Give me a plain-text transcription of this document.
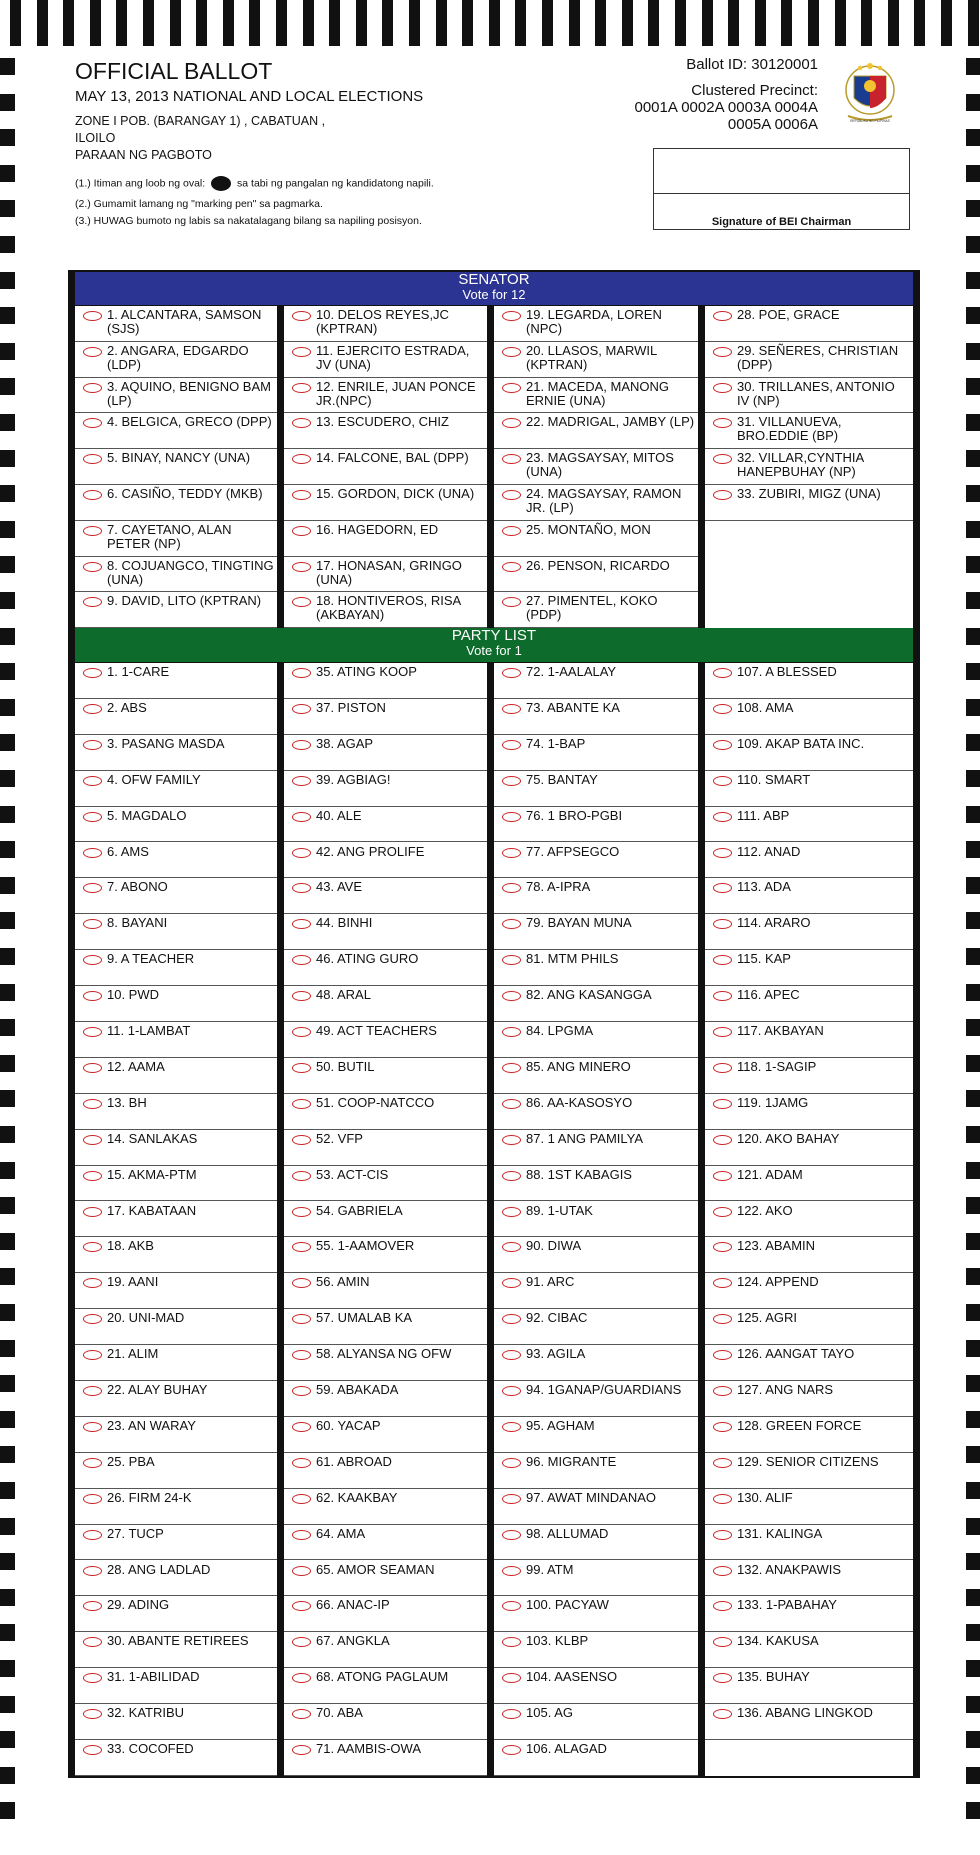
OFFICIAL BALLOT
MAY 13, 2013 NATIONAL AND LOCAL ELECTIONS
ZONE I POB. (BARANGAY 1) , CABATUAN ,
ILOILO
PARAAN NG PAGBOTO
(1.) Itiman ang loob ng oval:	sa tabi ng pangalan ng kandidatong napili.
(2.) Gumamit lamang ng "marking pen" sa pagmarka.
(3.) HUWAG bumoto ng labis sa nakatalagang bilang sa napiling posisyon.
Ballot ID: 30120001
Clustered Precinct:
0001A 0002A 0003A 0004A
0005A 0006A	REPUBLIKA NG PILIPINAS
Signature of BEI Chairman
SENATOR
Vote for 12
1. ALCANTARA, SAMSON (SJS)
2. ANGARA, EDGARDO (LDP)
3. AQUINO, BENIGNO BAM (LP)
4. BELGICA, GRECO (DPP)
5. BINAY, NANCY (UNA)
6. CASIÑO, TEDDY (MKB)
7. CAYETANO, ALAN PETER (NP)
8. COJUANGCO, TINGTING (UNA)
9. DAVID, LITO (KPTRAN)
10. DELOS REYES,JC (KPTRAN)
11. EJERCITO ESTRADA, JV (UNA)
12. ENRILE, JUAN PONCE JR.(NPC)
13. ESCUDERO, CHIZ
14. FALCONE, BAL (DPP)
15. GORDON, DICK (UNA)
16. HAGEDORN, ED
17. HONASAN, GRINGO (UNA)
18. HONTIVEROS, RISA (AKBAYAN)
19. LEGARDA, LOREN (NPC)
20. LLASOS, MARWIL (KPTRAN)
21. MACEDA, MANONG ERNIE (UNA)
22. MADRIGAL, JAMBY (LP)
23. MAGSAYSAY, MITOS (UNA)
24. MAGSAYSAY, RAMON JR. (LP)
25. MONTAÑO, MON
26. PENSON, RICARDO
27. PIMENTEL, KOKO (PDP)
28. POE, GRACE
29. SEÑERES, CHRISTIAN (DPP)
30. TRILLANES, ANTONIO IV (NP)
31. VILLANUEVA, BRO.EDDIE (BP)
32. VILLAR,CYNTHIA HANEPBUHAY (NP)
33. ZUBIRI, MIGZ (UNA)
PARTY LIST
Vote for 1
1. 1-CARE
2. ABS
3. PASANG MASDA
4. OFW FAMILY
5. MAGDALO
6. AMS
7. ABONO
8. BAYANI
9. A TEACHER
10. PWD
11. 1-LAMBAT
12. AAMA
13. BH
14. SANLAKAS
15. AKMA-PTM
17. KABATAAN
18. AKB
19. AANI
20. UNI-MAD
21. ALIM
22. ALAY BUHAY
23. AN WARAY
25. PBA
26. FIRM 24-K
27. TUCP
28. ANG LADLAD
29. ADING
30. ABANTE RETIREES
31. 1-ABILIDAD
32. KATRIBU
33. COCOFED
35. ATING KOOP
37. PISTON
38. AGAP
39. AGBIAG!
40. ALE
42. ANG PROLIFE
43. AVE
44. BINHI
46. ATING GURO
48. ARAL
49. ACT TEACHERS
50. BUTIL
51. COOP-NATCCO
52. VFP
53. ACT-CIS
54. GABRIELA
55. 1-AAMOVER
56. AMIN
57. UMALAB KA
58. ALYANSA NG OFW
59. ABAKADA
60. YACAP
61. ABROAD
62. KAAKBAY
64. AMA
65. AMOR SEAMAN
66. ANAC-IP
67. ANGKLA
68. ATONG PAGLAUM
70. ABA
71. AAMBIS-OWA
72. 1-AALALAY
73. ABANTE KA
74. 1-BAP
75. BANTAY
76. 1 BRO-PGBI
77. AFPSEGCO
78. A-IPRA
79. BAYAN MUNA
81. MTM PHILS
82. ANG KASANGGA
84. LPGMA
85. ANG MINERO
86. AA-KASOSYO
87. 1 ANG PAMILYA
88. 1ST KABAGIS
89. 1-UTAK
90. DIWA
91. ARC
92. CIBAC
93. AGILA
94. 1GANAP/GUARDIANS
95. AGHAM
96. MIGRANTE
97. AWAT MINDANAO
98. ALLUMAD
99. ATM
100. PACYAW
103. KLBP
104. AASENSO
105. AG
106. ALAGAD
107. A BLESSED
108. AMA
109. AKAP BATA INC.
110. SMART
111. ABP
112. ANAD
113. ADA
114. ARARO
115. KAP
116. APEC
117. AKBAYAN
118. 1-SAGIP
119. 1JAMG
120. AKO BAHAY
121. ADAM
122. AKO
123. ABAMIN
124. APPEND
125. AGRI
126. AANGAT TAYO
127. ANG NARS
128. GREEN FORCE
129. SENIOR CITIZENS
130. ALIF
131. KALINGA
132. ANAKPAWIS
133. 1-PABAHAY
134. KAKUSA
135. BUHAY
136. ABANG LINGKOD
